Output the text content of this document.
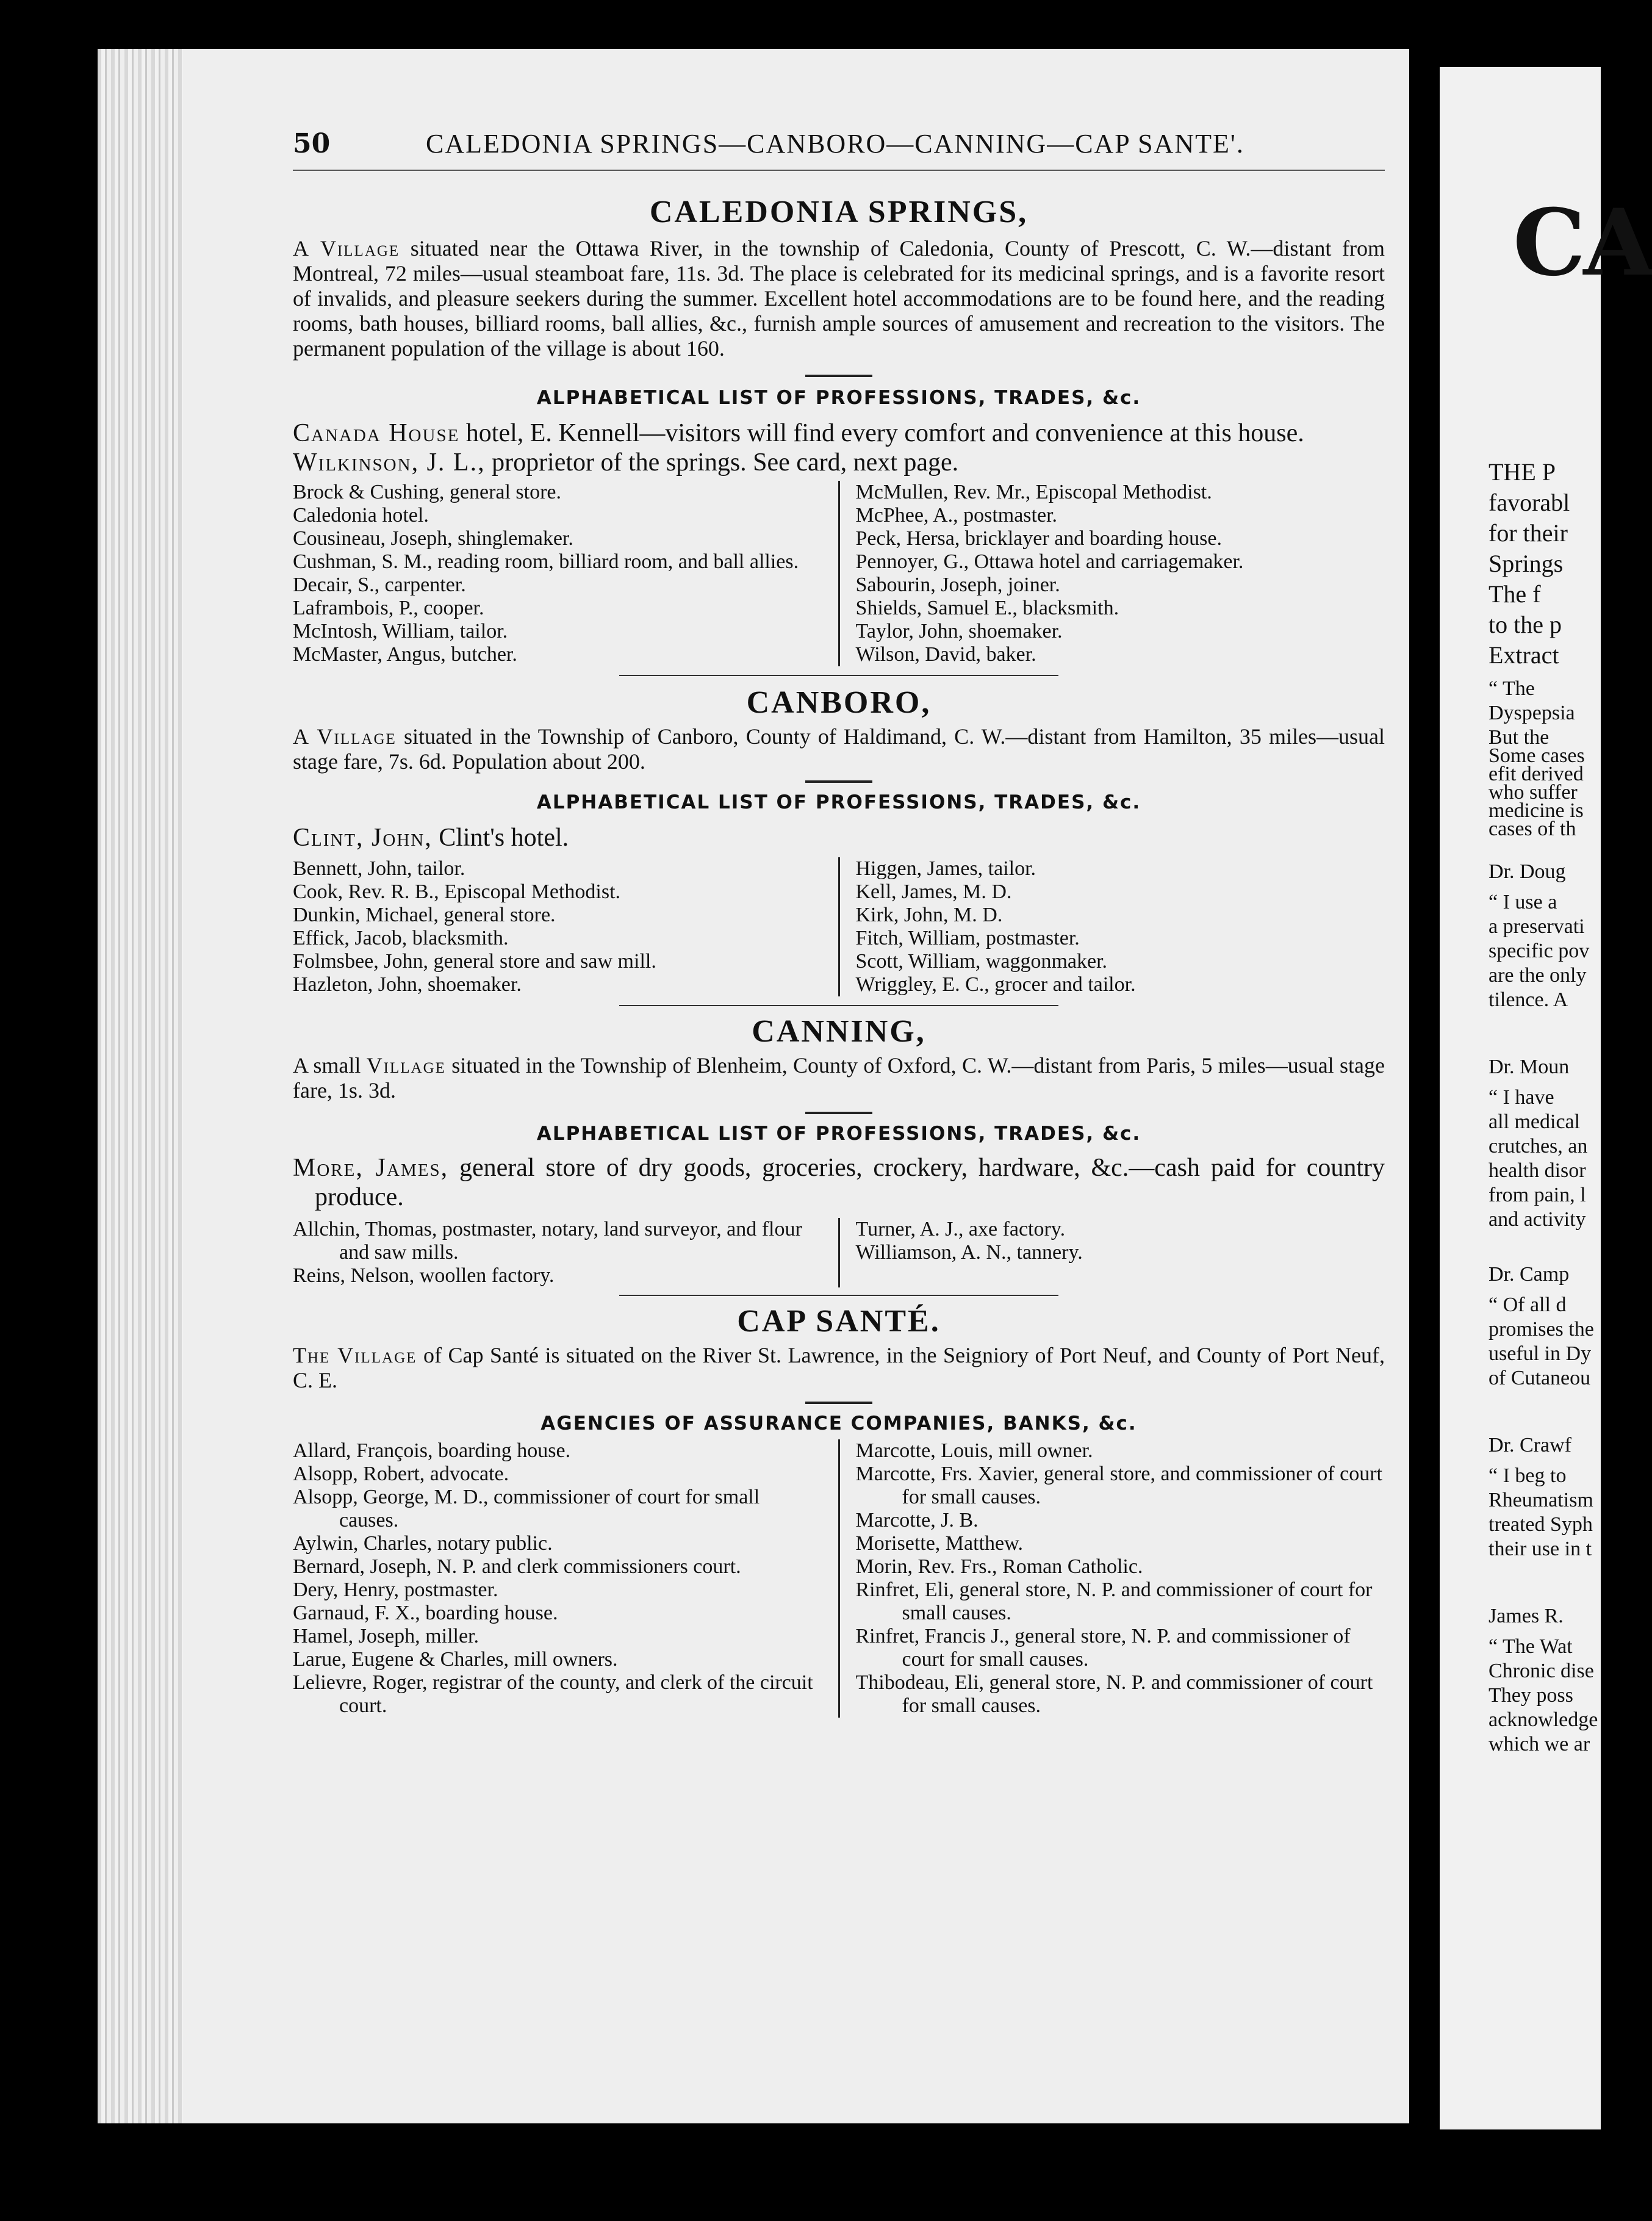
50	CALEDONIA SPRINGS—CANBORO—CANNING—CAP SANTE'.
CALEDONIA SPRINGS,

A Village situated near the Ottawa River, in the township of Caledonia, County of Prescott, C. W.—distant from Montreal, 72 miles—usual steamboat fare, 11s. 3d. The place is celebrated for its medicinal springs, and is a favorite resort of invalids, and pleasure seekers during the summer. Excellent hotel accommodations are to be found here, and the reading rooms, bath houses, billiard rooms, ball allies, &c., furnish ample sources of amusement and recreation to the visitors. The permanent population of the village is about 160.

ALPHABETICAL LIST OF PROFESSIONS, TRADES, &c.

Canada House hotel, E. Kennell—visitors will find every comfort and convenience at this house.

Wilkinson, J. L., proprietor of the springs. See card, next page.

Brock & Cushing, general store.

Caledonia hotel.

Cousineau, Joseph, shinglemaker.

Cushman, S. M., reading room, billiard room, and ball allies.

Decair, S., carpenter.

Laframbois, P., cooper.

McIntosh, William, tailor.

McMaster, Angus, butcher.

McMullen, Rev. Mr., Episcopal Methodist.

McPhee, A., postmaster.

Peck, Hersa, bricklayer and boarding house.

Pennoyer, G., Ottawa hotel and carriagemaker.

Sabourin, Joseph, joiner.

Shields, Samuel E., blacksmith.

Taylor, John, shoemaker.

Wilson, David, baker.

CANBORO,

A Village situated in the Township of Canboro, County of Haldimand, C. W.—distant from Hamilton, 35 miles—usual stage fare, 7s. 6d. Population about 200.

ALPHABETICAL LIST OF PROFESSIONS, TRADES, &c.

Clint, John, Clint's hotel.

Bennett, John, tailor.

Cook, Rev. R. B., Episcopal Methodist.

Dunkin, Michael, general store.

Effick, Jacob, blacksmith.

Folmsbee, John, general store and saw mill.

Hazleton, John, shoemaker.

Higgen, James, tailor.

Kell, James, M. D.

Kirk, John, M. D.

Fitch, William, postmaster.

Scott, William, waggonmaker.

Wriggley, E. C., grocer and tailor.

CANNING,

A small Village situated in the Township of Blenheim, County of Oxford, C. W.—distant from Paris, 5 miles—usual stage fare, 1s. 3d.

ALPHABETICAL LIST OF PROFESSIONS, TRADES, &c.

More, James, general store of dry goods, groceries, crockery, hardware, &c.—cash paid for country produce.

Allchin, Thomas, postmaster, notary, land surveyor, and flour and saw mills.

Reins, Nelson, woollen factory.

Turner, A. J., axe factory.

Williamson, A. N., tannery.

CAP SANTÉ.

The Village of Cap Santé is situated on the River St. Lawrence, in the Seigniory of Port Neuf, and County of Port Neuf, C. E.

AGENCIES OF ASSURANCE COMPANIES, BANKS, &c.

Allard, François, boarding house.

Alsopp, Robert, advocate.

Alsopp, George, M. D., commissioner of court for small causes.

Aylwin, Charles, notary public.

Bernard, Joseph, N. P. and clerk commissioners court.

Dery, Henry, postmaster.

Garnaud, F. X., boarding house.

Hamel, Joseph, miller.

Larue, Eugene & Charles, mill owners.

Lelievre, Roger, registrar of the county, and clerk of the circuit court.

Marcotte, Louis, mill owner.

Marcotte, Frs. Xavier, general store, and commissioner of court for small causes.

Marcotte, J. B.

Morisette, Matthew.

Morin, Rev. Frs., Roman Catholic.

Rinfret, Eli, general store, N. P. and commissioner of court for small causes.

Rinfret, Francis J., general store, N. P. and commissioner of court for small causes.

Thibodeau, Eli, general store, N. P. and commissioner of court for small causes.

CA
THE P
favorabl
for their
Springs
The f
to the p
Extract
“ The
Dyspepsia
But the
Some cases
efit derived
who suffer
medicine is
cases of th
Dr. Doug
“ I use a
a preservati
specific pov
are the only
tilence. A
Dr. Moun
“ I have
all medical
crutches, an
health disor
from pain, l
and activity
Dr. Camp
“ Of all d
promises the
useful in Dy
of Cutaneou
Dr. Crawf
“ I beg to
Rheumatism
treated Syph
their use in t
James R.
“ The Wat
Chronic dise
They poss
acknowledge
which we ar
